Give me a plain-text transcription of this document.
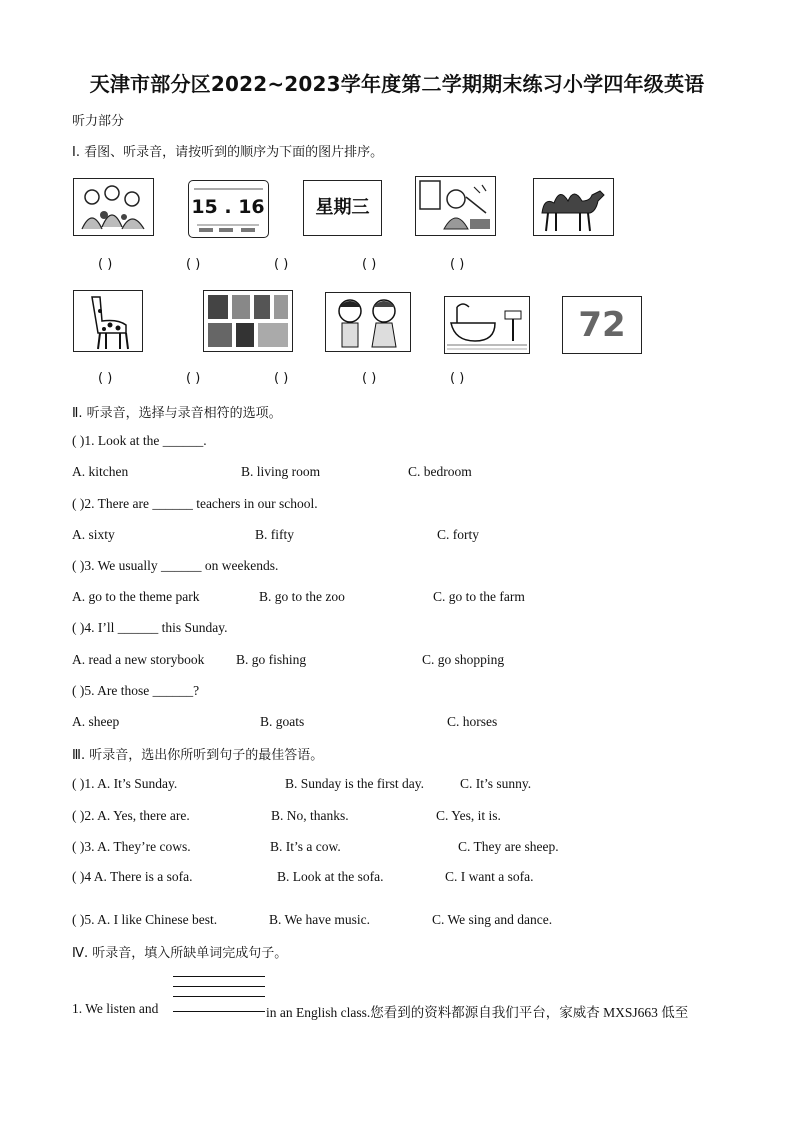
天津市部分区2022~2023学年度第二学期期末练习小学四年级英语
听力部分
Ⅰ. 看图、听录音，请按听到的顺序为下面的图片排序。
15 . 16	星期三
( )	( )	( )	( )	( )
72
( )	( )	( )	( )	( )
Ⅱ. 听录音，选择与录音相符的选项。
( )1. Look at the ______.
A. kitchen	B. living room	C. bedroom
( )2. There are ______ teachers in our school.
A. sixty	B. fifty	C. forty
( )3. We usually ______ on weekends.
A. go to the theme park	B. go to the zoo	C. go to the farm
( )4. I’ll ______ this Sunday.
A. read a new storybook B. go fishing	C. go shopping
( )5. Are those ______?
A. sheep	B. goats	C. horses
Ⅲ. 听录音，选出你所听到句子的最佳答语。
( )1. A. It’s Sunday.	B. Sunday is the first day.	C. It’s sunny.
( )2. A. Yes, there are.	B. No, thanks.	C. Yes, it is.
( )3. A. They’re cows.	B. It’s a cow.	C. They are sheep.
( )4 A. There is a sofa.	B. Look at the sofa.	C. I want a sofa.
( )5. A. I like Chinese best.	B. We have music.	C. We sing and dance.
Ⅳ. 听录音，填入所缺单词完成句子。
1. We listen and	in an English class.您看到的资料都源自我们平台，家威杏 MXSJ663 低至
